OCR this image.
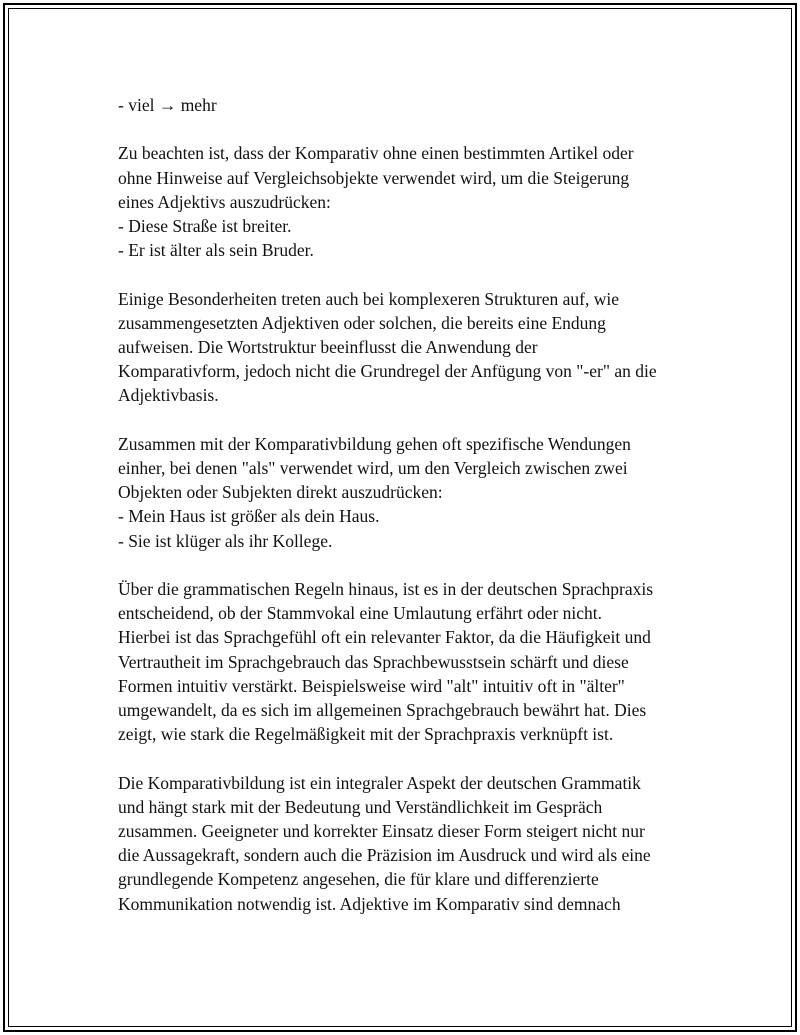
- viel → mehr

Zu beachten ist, dass der Komparativ ohne einen bestimmten Artikel oder
ohne Hinweise auf Vergleichsobjekte verwendet wird, um die Steigerung
eines Adjektivs auszudrücken:
- Diese Straße ist breiter.
- Er ist älter als sein Bruder.

Einige Besonderheiten treten auch bei komplexeren Strukturen auf, wie
zusammengesetzten Adjektiven oder solchen, die bereits eine Endung
aufweisen. Die Wortstruktur beeinflusst die Anwendung der
Komparativform, jedoch nicht die Grundregel der Anfügung von "-er" an die
Adjektivbasis.

Zusammen mit der Komparativbildung gehen oft spezifische Wendungen
einher, bei denen "als" verwendet wird, um den Vergleich zwischen zwei
Objekten oder Subjekten direkt auszudrücken:
- Mein Haus ist größer als dein Haus.
- Sie ist klüger als ihr Kollege.

Über die grammatischen Regeln hinaus, ist es in der deutschen Sprachpraxis
entscheidend, ob der Stammvokal eine Umlautung erfährt oder nicht.
Hierbei ist das Sprachgefühl oft ein relevanter Faktor, da die Häufigkeit und
Vertrautheit im Sprachgebrauch das Sprachbewusstsein schärft und diese
Formen intuitiv verstärkt. Beispielsweise wird "alt" intuitiv oft in "älter"
umgewandelt, da es sich im allgemeinen Sprachgebrauch bewährt hat. Dies
zeigt, wie stark die Regelmäßigkeit mit der Sprachpraxis verknüpft ist.

Die Komparativbildung ist ein integraler Aspekt der deutschen Grammatik
und hängt stark mit der Bedeutung und Verständlichkeit im Gespräch
zusammen. Geeigneter und korrekter Einsatz dieser Form steigert nicht nur
die Aussagekraft, sondern auch die Präzision im Ausdruck und wird als eine
grundlegende Kompetenz angesehen, die für klare und differenzierte
Kommunikation notwendig ist. Adjektive im Komparativ sind demnach
